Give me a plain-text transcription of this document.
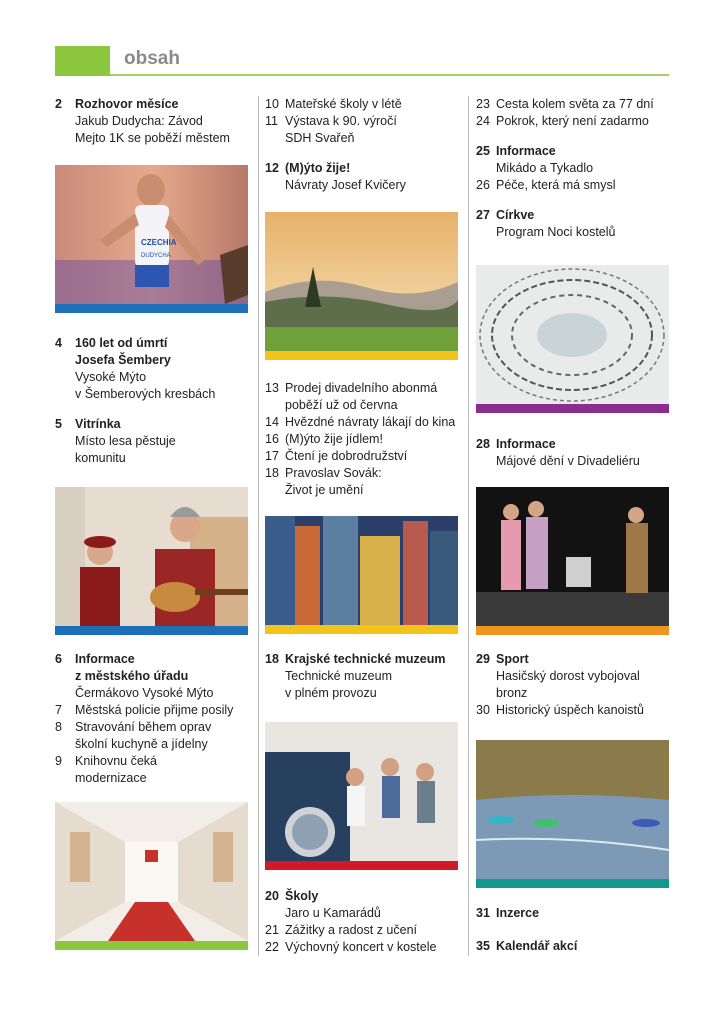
obsah
2	Rozhovor měsíce
Jakub Dudycha: Závod
Mejto 1K se poběží městem
4	160 let od úmrtí
Josefa Šembery
Vysoké Mýto
v Šemberových kresbách
5	Vitrínka
Místo lesa pěstuje
komunitu
6	Informace
z městského úřadu
Čermákovo Vysoké Mýto
7	Městská policie přijme posily
8	Stravování během oprav
školní kuchyně a jídelny
9	Knihovnu čeká
modernizace
10 Mateřské školy v létě
11 Výstava k 90. výročí
SDH Svařeň
12 (M)ýto žije!
Návraty Josef Kvičery
13 Prodej divadelního abonmá
poběží už od června
14 Hvězdné návraty lákají do kina
16 (M)ýto žije jídlem!
17 Čtení je dobrodružství
18 Pravoslav Sovák:
Život je umění
18 Krajské technické muzeum
Technické muzeum
v plném provozu
20 Školy
Jaro u Kamarádů
21 Zážitky a radost z učení
22 Výchovný koncert v kostele
23 Cesta kolem světa za 77 dní
24 Pokrok, který není zadarmo
25 Informace
Mikádo a Tykadlo
26 Péče, která má smysl
27 Církve
Program Noci kostelů
28 Informace
Májové dění v Divadeliéru
29 Sport
Hasičský dorost vybojoval
bronz
30 Historický úspěch kanoistů
31 Inzerce
35 Kalendář akcí
CZECHIA
DUDYCHA
